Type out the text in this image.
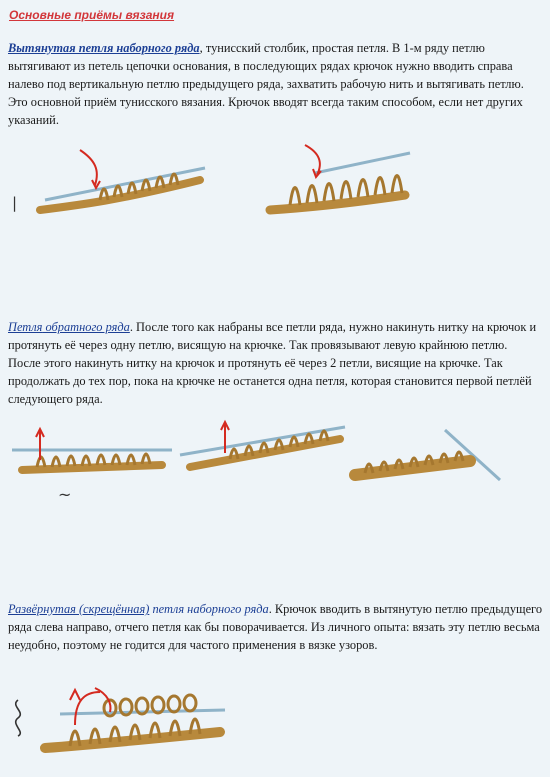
Основные приёмы вязания
Вытянутая петля наборного ряда, тунисский столбик, простая петля. В 1-м ряду петлю вытягивают из петель цепочки основания, в последующих рядах крючок нужно вводить справа налево под вертикальную петлю предыдущего ряда, захватить рабочую нить и вытягивать петлю. Это основной приём тунисского вязания. Крючок вводят всегда таким способом, если нет других указаний.
|
Петля обратного ряда. После того как набраны все петли ряда, нужно накинуть нитку на крючок и протянуть её через одну петлю, висящую на крючке. Так провязывают левую крайнюю петлю. После этого накинуть нитку на крючок и протянуть её через 2 петли, висящие на крючке. Так продолжать до тех пор, пока на крючке не останется одна петля, которая становится первой петлёй следующего ряда.
~
Развёрнутая (скрещённая) петля наборного ряда. Крючок вводить в вытянутую петлю предыдущего ряда слева направо, отчего петля как бы поворачивается. Из личного опыта: вязать эту петлю весьма неудобно, поэтому не годится для частого применения в вязке узоров.
